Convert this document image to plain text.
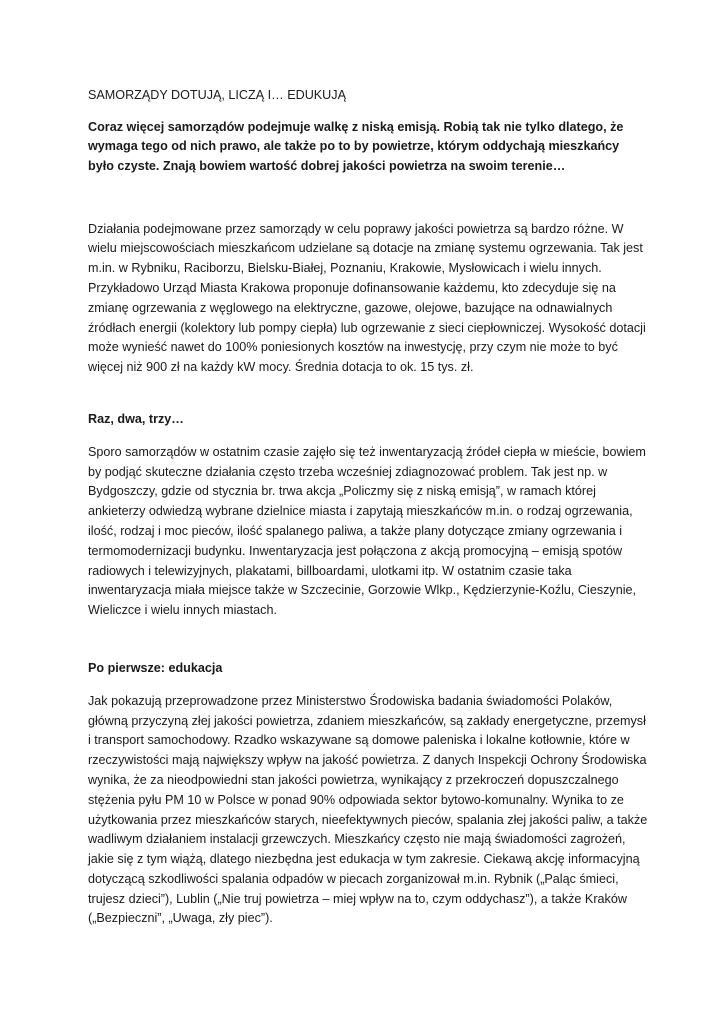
SAMORZĄDY DOTUJĄ, LICZĄ I… EDUKUJĄ

Coraz więcej samorządów podejmuje walkę z niską emisją. Robią tak nie tylko dlatego, że wymaga tego od nich prawo, ale także po to by powietrze, którym oddychają mieszkańcy było czyste. Znają bowiem wartość dobrej jakości powietrza na swoim terenie…

Działania podejmowane przez samorządy w celu poprawy jakości powietrza są bardzo różne. W wielu miejscowościach mieszkańcom udzielane są dotacje na zmianę systemu ogrzewania. Tak jest m.in. w Rybniku, Raciborzu, Bielsku-Białej, Poznaniu, Krakowie, Mysłowicach i wielu innych. Przykładowo Urząd Miasta Krakowa proponuje dofinansowanie każdemu, kto zdecyduje się na zmianę ogrzewania z węglowego na elektryczne, gazowe, olejowe, bazujące na odnawialnych źródłach energii (kolektory lub pompy ciepła) lub ogrzewanie z sieci ciepłowniczej. Wysokość dotacji może wynieść nawet do 100% poniesionych kosztów na inwestycję, przy czym nie może to być więcej niż 900 zł na każdy kW mocy. Średnia dotacja to ok. 15 tys. zł.

Raz, dwa, trzy…

Sporo samorządów w ostatnim czasie zajęło się też inwentaryzacją źródeł ciepła w mieście, bowiem by podjąć skuteczne działania często trzeba wcześniej zdiagnozować problem. Tak jest np. w Bydgoszczy, gdzie od stycznia br. trwa akcja „Policzmy się z niską emisją”, w ramach której ankieterzy odwiedzą wybrane dzielnice miasta i zapytają mieszkańców m.in. o rodzaj ogrzewania, ilość, rodzaj i moc pieców, ilość spalanego paliwa, a także plany dotyczące zmiany ogrzewania i termomodernizacji budynku. Inwentaryzacja jest połączona z akcją promocyjną – emisją spotów radiowych i telewizyjnych, plakatami, billboardami, ulotkami itp. W ostatnim czasie taka inwentaryzacja miała miejsce także w Szczecinie, Gorzowie Wlkp., Kędzierzynie-Koźlu, Cieszynie, Wieliczce i wielu innych miastach.

Po pierwsze: edukacja

Jak pokazują przeprowadzone przez Ministerstwo Środowiska badania świadomości Polaków, główną przyczyną złej jakości powietrza, zdaniem mieszkańców, są zakłady energetyczne, przemysł i transport samochodowy. Rzadko wskazywane są domowe paleniska i lokalne kotłownie, które w rzeczywistości mają największy wpływ na jakość powietrza. Z danych Inspekcji Ochrony Środowiska wynika, że za nieodpowiedni stan jakości powietrza, wynikający z przekroczeń dopuszczalnego stężenia pyłu PM 10 w Polsce w ponad 90% odpowiada sektor bytowo-komunalny. Wynika to ze użytkowania przez mieszkańców starych, nieefektywnych pieców, spalania złej jakości paliw, a także wadliwym działaniem instalacji grzewczych. Mieszkańcy często nie mają świadomości zagrożeń, jakie się z tym wiążą, dlatego niezbędna jest edukacja w tym zakresie. Ciekawą akcję informacyjną dotyczącą szkodliwości spalania odpadów w piecach zorganizował m.in. Rybnik („Paląc śmieci, trujesz dzieci”), Lublin („Nie truj powietrza – miej wpływ na to, czym oddychasz”), a także Kraków („Bezpieczni”, „Uwaga, zły piec”).
